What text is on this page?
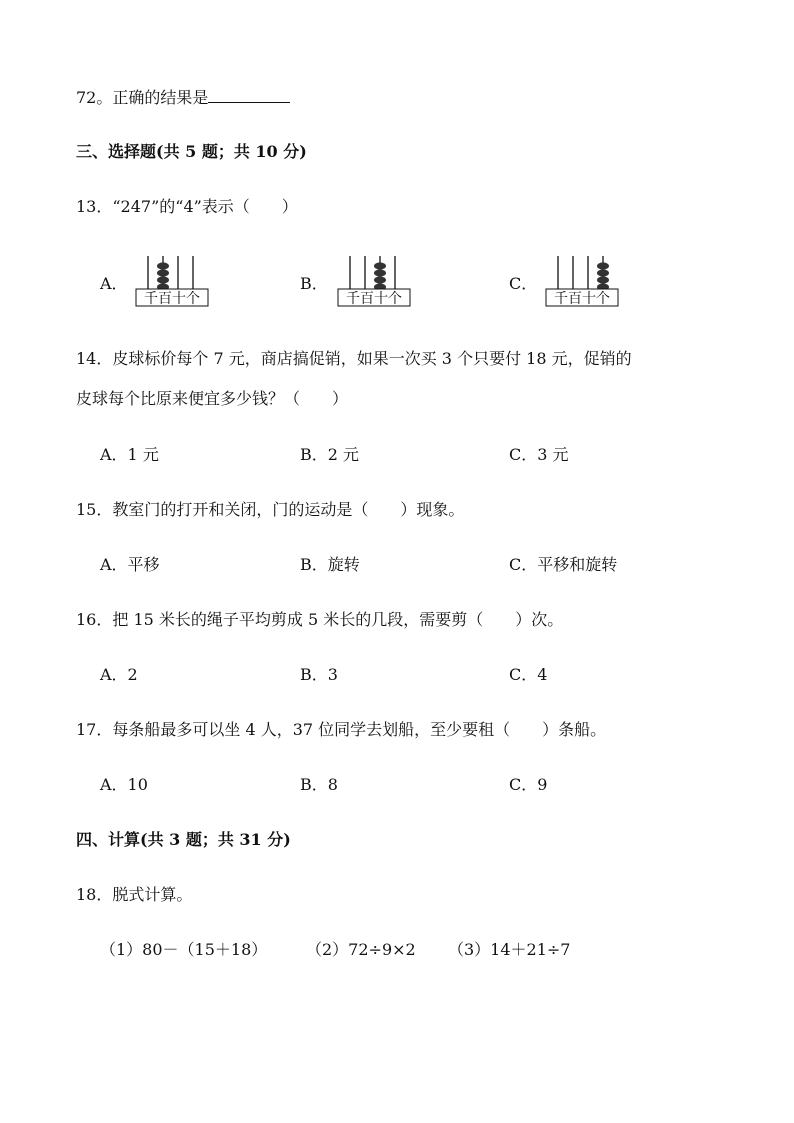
72。正确的结果是
三、选择题(共 5 题；共 10 分)
13．“247”的“4”表示（　　）
A．
千百十个
B．
千百十个
C．
千百十个
14．皮球标价每个 7 元，商店搞促销，如果一次买 3 个只要付 18 元，促销的
皮球每个比原来便宜多少钱？（　　）
A．1 元	B．2 元	C．3 元
15．教室门的打开和关闭，门的运动是（　　）现象。
A．平移	B．旋转	C．平移和旋转
16．把 15 米长的绳子平均剪成 5 米长的几段，需要剪（　　）次。
A．2	B．3	C．4
17．每条船最多可以坐 4 人，37 位同学去划船，至少要租（　　）条船。
A．10	B．8	C．9
四、计算(共 3 题；共 31 分)
18．脱式计算。
（1）80－（15＋18） （2）72÷9×2 （3）14＋21÷7
